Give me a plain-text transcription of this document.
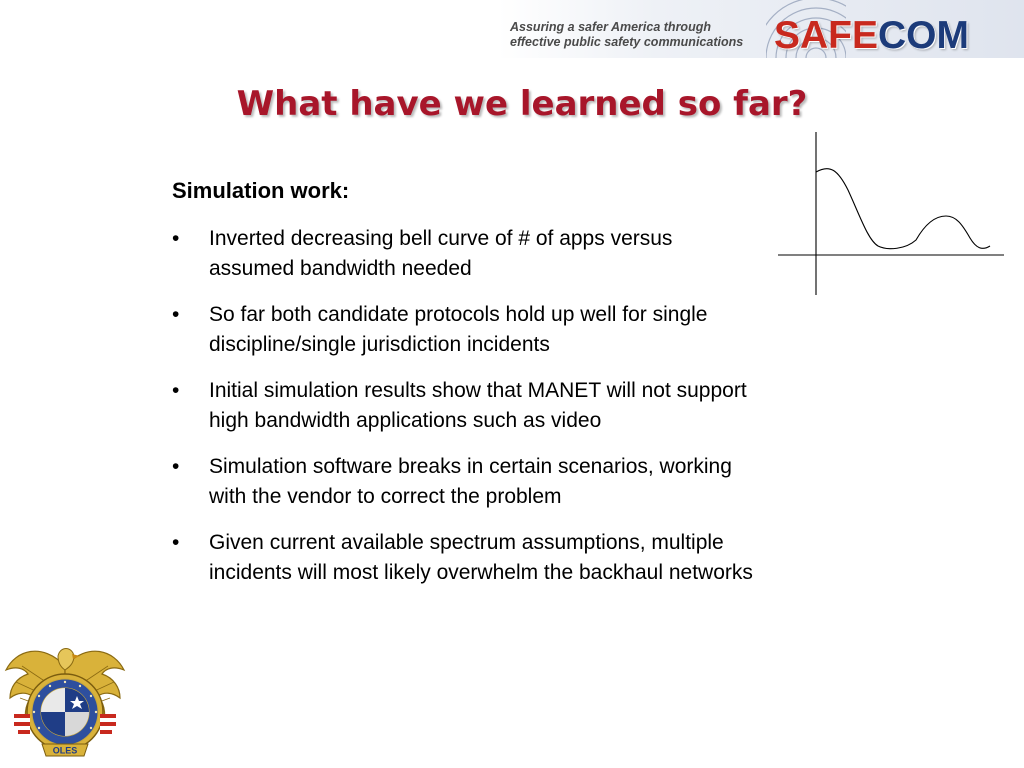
Assuring a safer America through
effective public safety communications SAFECOM
What have we learned so far?
Simulation work:
•	Inverted decreasing bell curve of # of apps versus
assumed bandwidth needed
•	So far both candidate protocols hold up well for single
discipline/single jurisdiction incidents
•	Initial simulation results show that MANET will not support
high bandwidth applications such as video
•	Simulation software breaks in certain scenarios, working
with the vendor to correct the problem
•	Given current available spectrum assumptions, multiple
incidents will most likely overwhelm the backhaul networks
OLES
